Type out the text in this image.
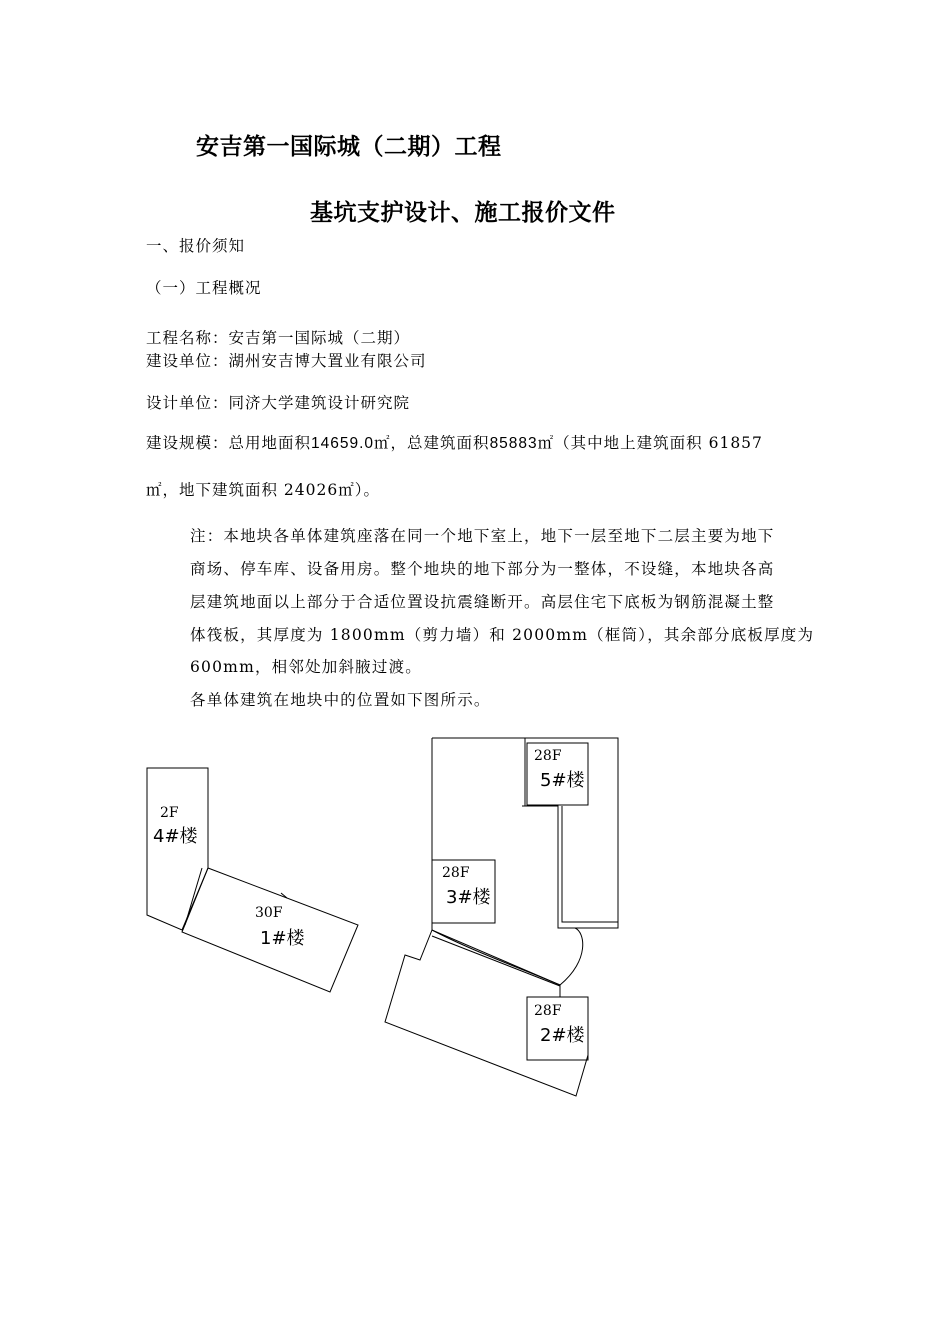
安吉第一国际城（二期）工程
基坑支护设计、施工报价文件
一、报价须知
（一）工程概况
工程名称：安吉第一国际城（二期）
建设单位：湖州安吉博大置业有限公司
设计单位：同济大学建筑设计研究院
建设规模：总用地面积14659.0㎡，总建筑面积85883㎡（其中地上建筑面积 61857
㎡，地下建筑面积 24026㎡）。
注：本地块各单体建筑座落在同一个地下室上，地下一层至地下二层主要为地下
商场、停车库、设备用房。整个地块的地下部分为一整体，不设缝，本地块各高
层建筑地面以上部分于合适位置设抗震缝断开。高层住宅下底板为钢筋混凝土整
体筏板，其厚度为 1800mm（剪力墙）和 2000mm（框筒），其余部分底板厚度为
600mm，相邻处加斜腋过渡。
各单体建筑在地块中的位置如下图所示。
2F
4#楼
30F
1#楼
28F
5#楼
28F
3#楼
28F
2#楼
